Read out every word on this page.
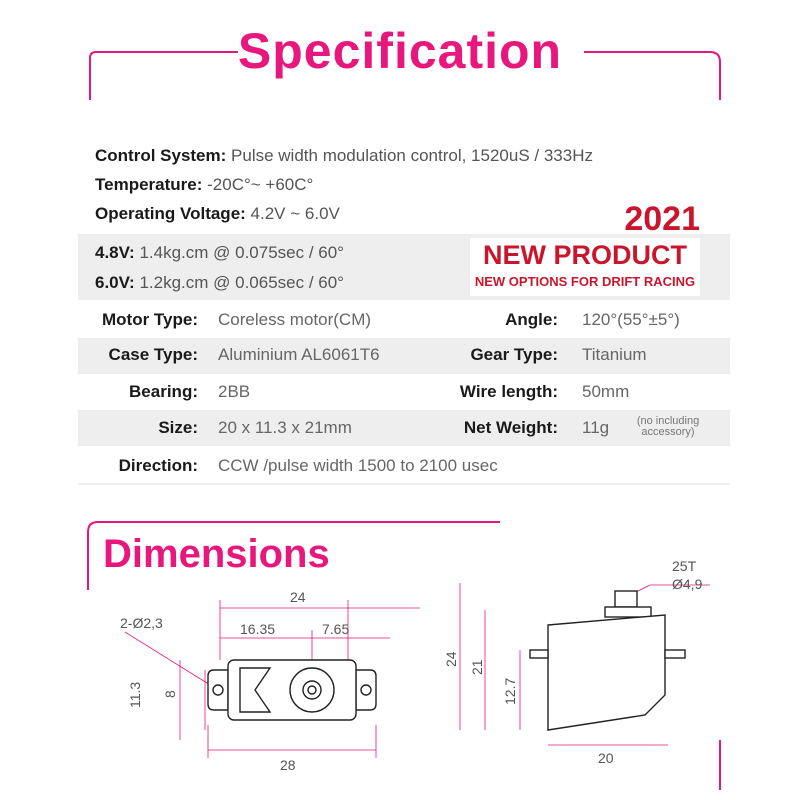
Specification
Control System: Pulse width modulation control, 1520uS / 333Hz
Temperature: -20C°~ +60C°
Operating Voltage: 4.2V ~ 6.0V
4.8V: 1.4kg.cm @ 0.075sec / 60°
6.0V: 1.2kg.cm @ 0.065sec / 60°
2021
NEW PRODUCT
NEW OPTIONS FOR DRIFT RACING
Motor Type: Coreless motor(CM)	Angle: 120°(55°±5°)
Case Type: Aluminium AL6061T6	Gear Type: Titanium
Bearing: 2BB	Wire length: 50mm
Size: 20 x 11.3 x 21mm	Net Weight: 11g	(no including
accessory)
Direction: CCW /pulse width 1500 to 2100 usec
Dimensions
24
16.35	7.65
2-Ø2,3
28
11.3 8
25T
Ø4,9
24
21
12.7
20
